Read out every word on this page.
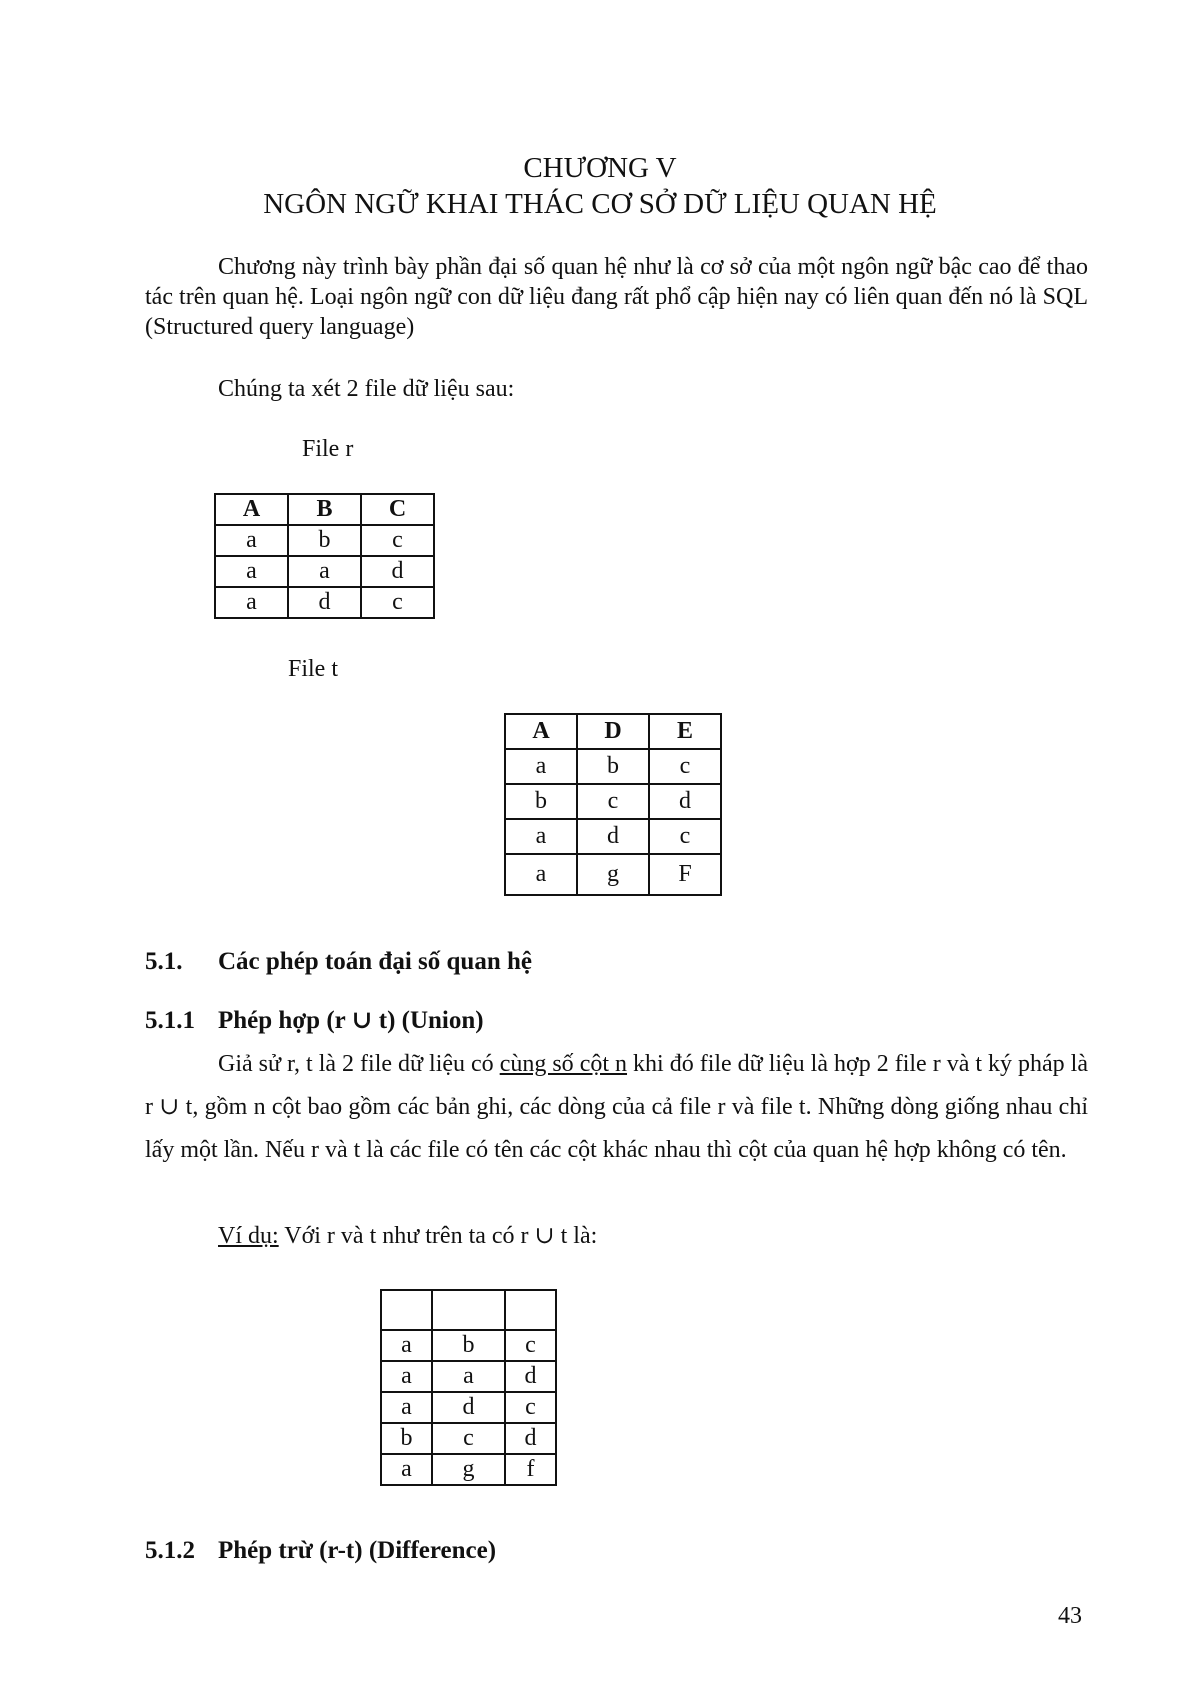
CHƯƠNG V
NGÔN NGỮ KHAI THÁC CƠ SỞ DỮ LIỆU QUAN HỆ
Chương này trình bày phần đại số quan hệ như là cơ sở của một ngôn ngữ bậc cao để thao tác trên quan hệ. Loại ngôn ngữ con dữ liệu đang rất phổ cập hiện nay có liên quan đến nó là SQL (Structured query language)
Chúng ta xét 2 file dữ liệu sau:
File r
A	B	C
a	b	c
a	a	d
a	d	c
File t
A	D	E
a	b	c
b	c	d
a	d	c
a	g	F
5.1. Các phép toán đại số quan hệ
5.1.1 Phép hợp (r ∪ t) (Union)
Giả sử r, t là 2 file dữ liệu có cùng số cột n khi đó file dữ liệu là hợp 2 file r và t ký pháp là r ∪ t, gồm n cột bao gồm các bản ghi, các dòng của cả file r và file t. Những dòng giống nhau chỉ lấy một lần. Nếu r và t là các file có tên các cột khác nhau thì cột của quan hệ hợp không có tên.
Ví dụ: Với r và t như trên ta có r ∪ t là:

a	b	c
a	a	d
a	d	c
b	c	d
a	g	f
5.1.2 Phép trừ (r-t) (Difference)
43
